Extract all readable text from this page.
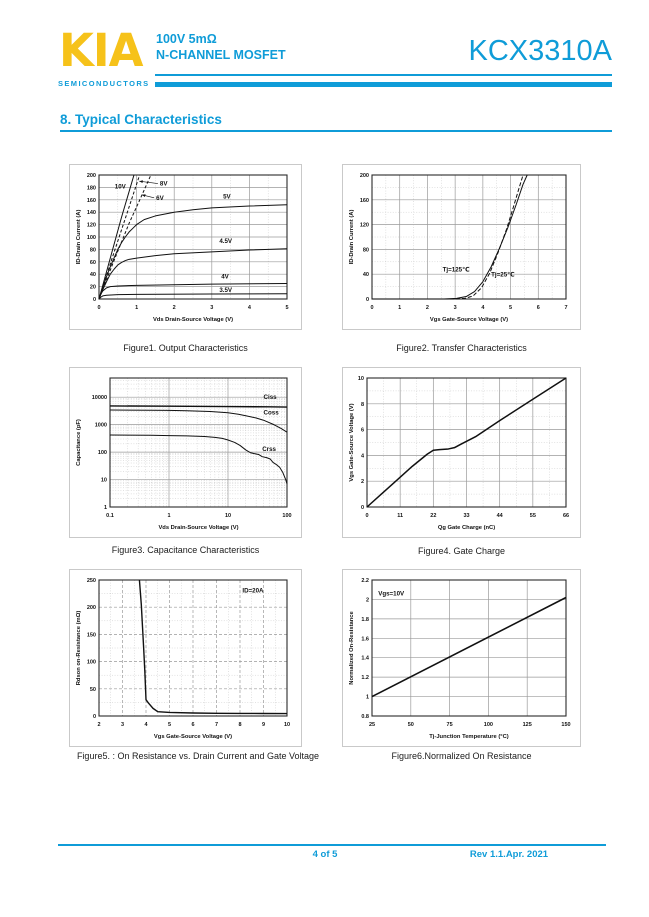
KIA
SEMICONDUCTORS
100V 5mΩ
N-CHANNEL MOSFET	KCX3310A
8. Typical Characteristics
0	1	2	3	4	5
0
20
40
60
80
100
120
140
160
180
200
10V	8V
6V	5V
4.5V
4V
3.5V
Vds Drain-Source Voltage (V)
ID-Drain Current (A)
0	1	2	3	4	5	6	7
0
40
80
120
160
200
Tj=125℃
Tj=25℃
Vgs Gate-Source Voltage (V)
ID-Drain Current (A)
Figure1. Output Characteristics	Figure2. Transfer Characteristics
0.1	1	10	100
1
10
100
1000
10000	Ciss
Coss
Crss
Vds Drain-Source Voltage (V)
Capacitance (pF)
0	11	22	33	44	55	66
0
2
4
6
8
10
Qg Gate Charge (nC)
Vgs Gate-Source Voltage (V)
Figure3. Capacitance Characteristics	Figure4. Gate Charge
2	3	4	5	6	7	8	9	10
0
50
100
150
200
250
ID=20A
Vgs Gate-Source Voltage (V)
Rdson on-Resistance (mΩ)
25	50	75	100	125	150
0.8
1
1.2
1.4
1.6
1.8
2
2.2
Vgs=10V
Tj-Junction Temperature (°C)
Normalized On-Resistance
Figure5. : On Resistance vs. Drain Current and Gate Voltage	Figure6.Normalized On Resistance
4 of 5	Rev 1.1.Apr. 2021
